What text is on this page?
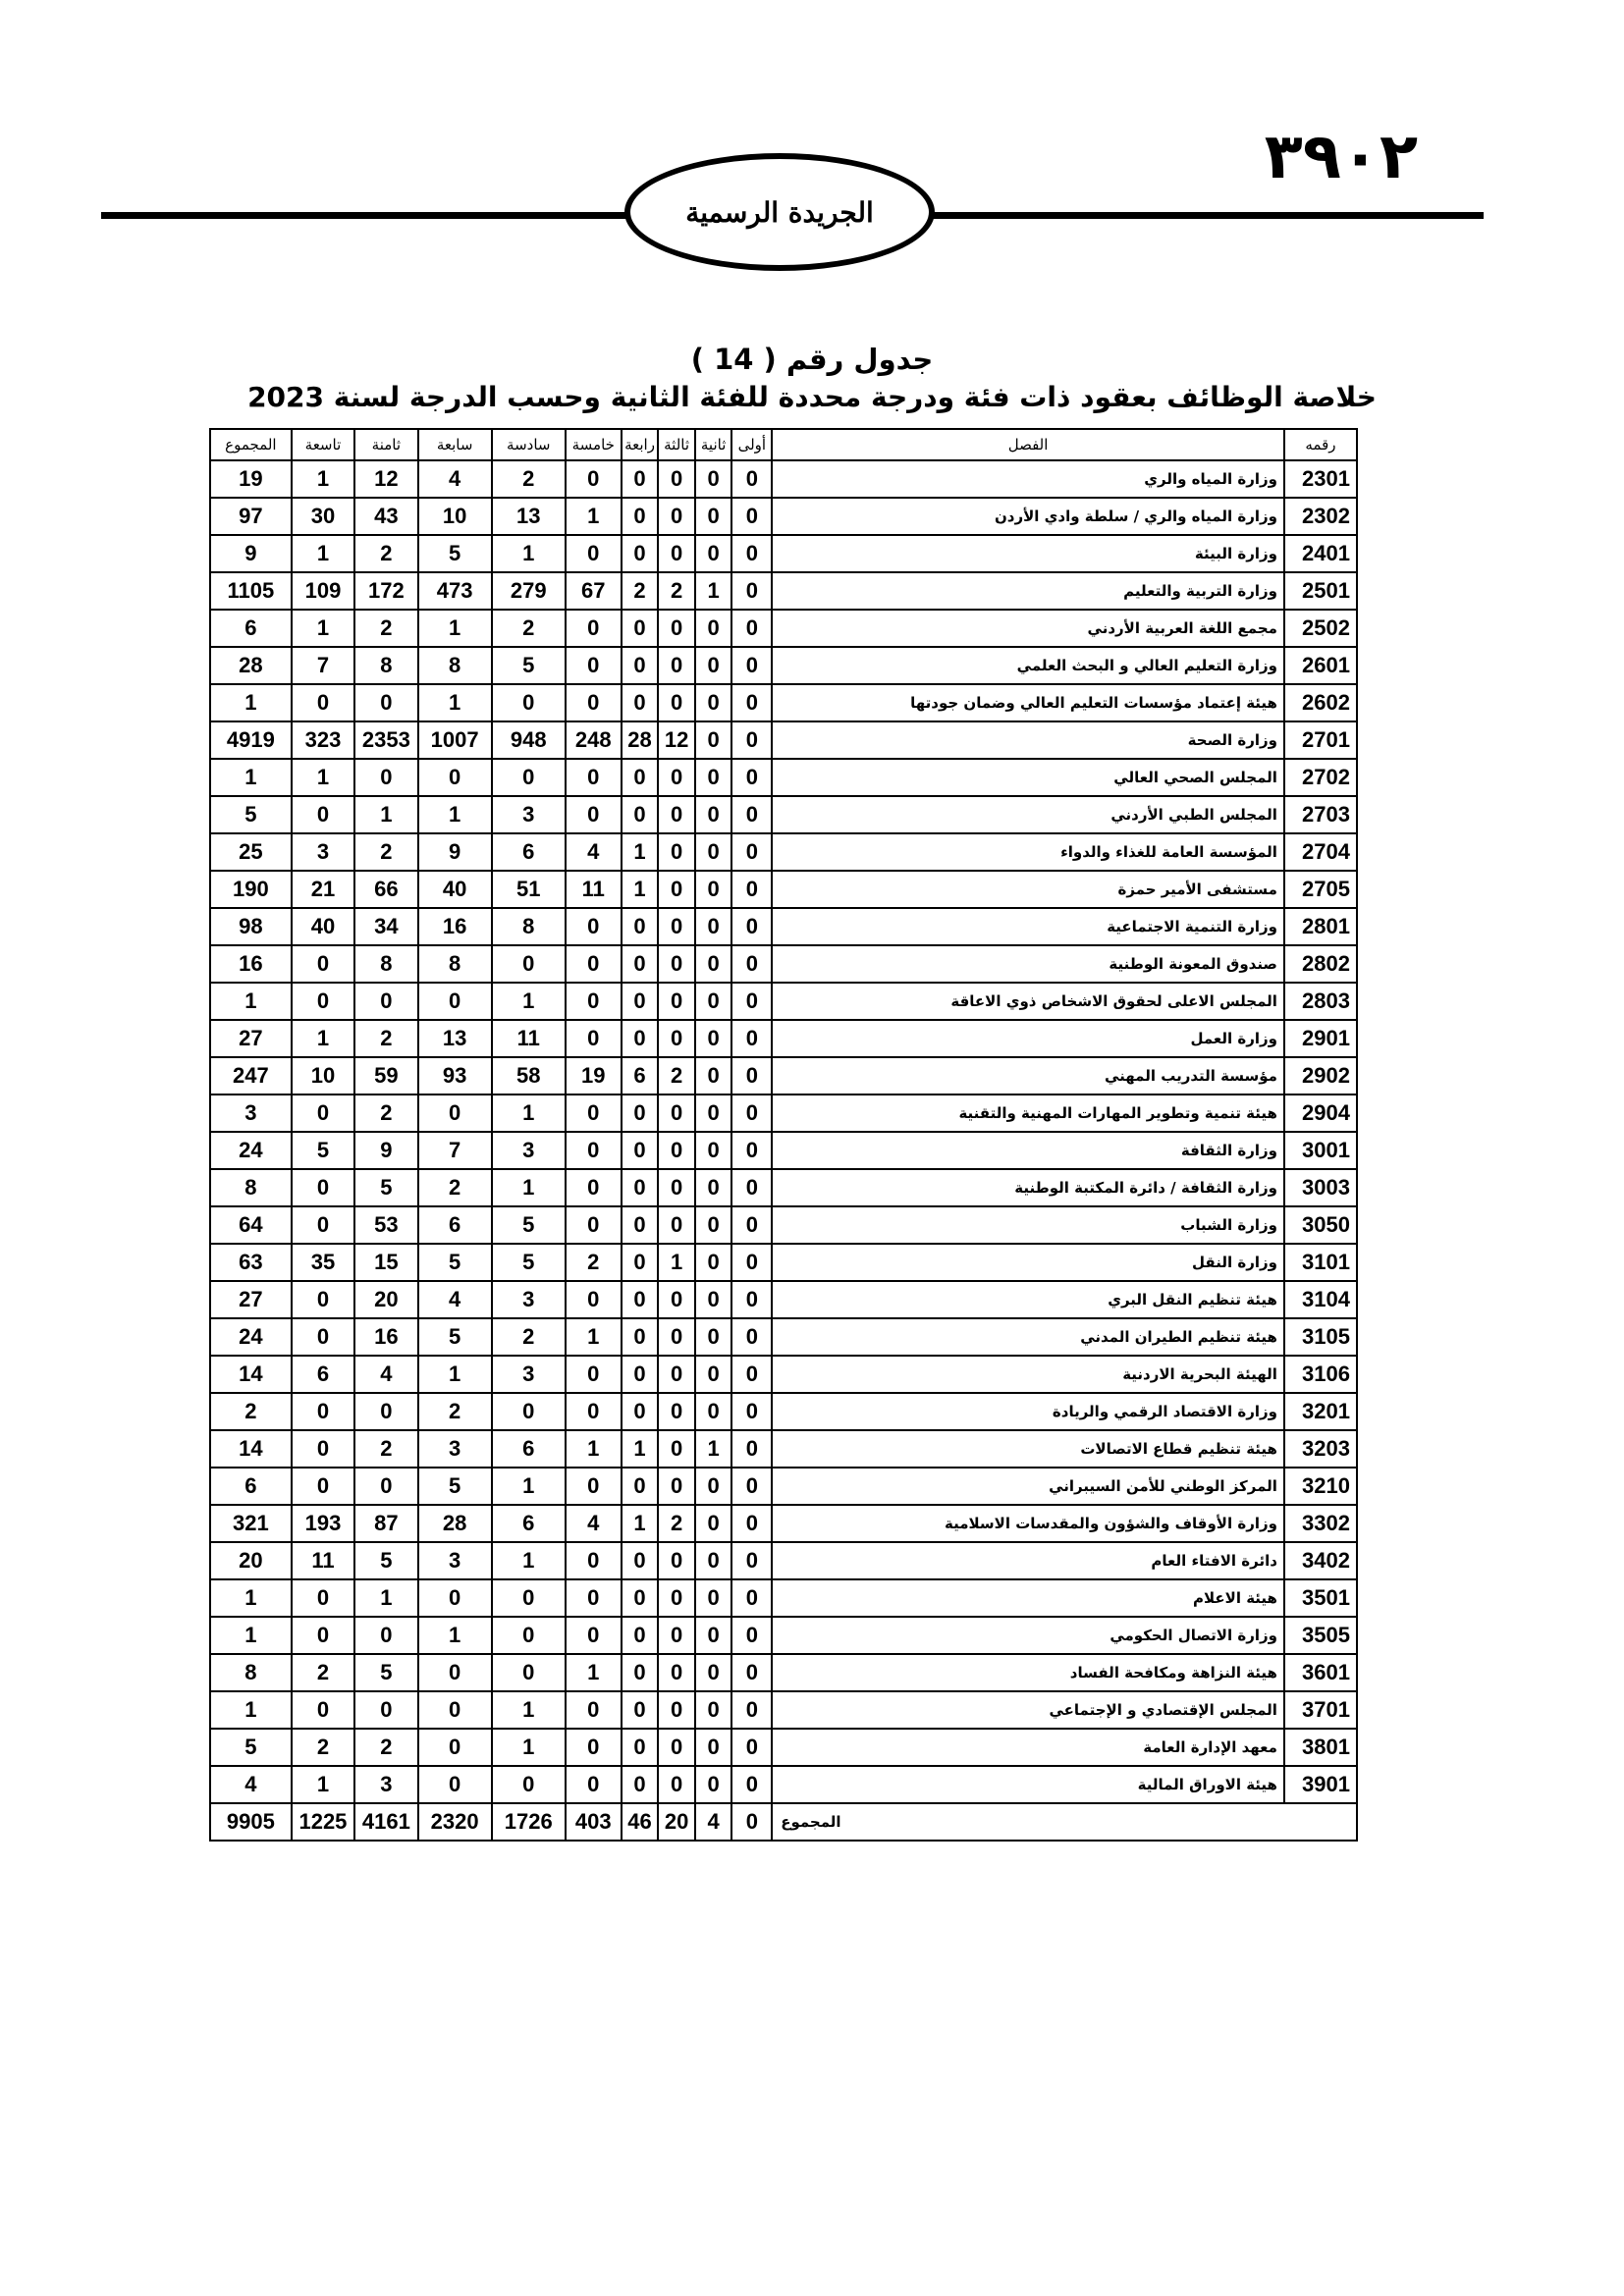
٣٩٠٢
الجريدة الرسمية
جدول رقم ( 14 )
خلاصة الوظائف بعقود ذات فئة ودرجة محددة للفئة الثانية وحسب الدرجة لسنة 2023
رقمه	الفصل	أولى	ثانية	ثالثة	رابعة	خامسة	سادسة	سابعة	ثامنة	تاسعة	المجموع
2301	وزارة المياه والري	0	0	0	0	0	2	4	12	1	19
2302	وزارة المياه والري / سلطة وادي الأردن	0	0	0	0	1	13	10	43	30	97
2401	وزارة البيئة	0	0	0	0	0	1	5	2	1	9
2501	وزارة التربية والتعليم	0	1	2	2	67	279	473	172	109	1105
2502	مجمع اللغة العربية الأردني	0	0	0	0	0	2	1	2	1	6
2601	وزارة التعليم العالي و البحث العلمي	0	0	0	0	0	5	8	8	7	28
2602	هيئة إعتماد مؤسسات التعليم العالي وضمان جودتها	0	0	0	0	0	0	1	0	0	1
2701	وزارة الصحة	0	0	12	28	248	948	1007	2353	323	4919
2702	المجلس الصحي العالي	0	0	0	0	0	0	0	0	1	1
2703	المجلس الطبي الأردني	0	0	0	0	0	3	1	1	0	5
2704	المؤسسة العامة للغذاء والدواء	0	0	0	1	4	6	9	2	3	25
2705	مستشفى الأمير حمزة	0	0	0	1	11	51	40	66	21	190
2801	وزارة التنمية الاجتماعية	0	0	0	0	0	8	16	34	40	98
2802	صندوق المعونة الوطنية	0	0	0	0	0	0	8	8	0	16
2803	المجلس الاعلى لحقوق الاشخاص ذوي الاعاقة	0	0	0	0	0	1	0	0	0	1
2901	وزارة العمل	0	0	0	0	0	11	13	2	1	27
2902	مؤسسة التدريب المهني	0	0	2	6	19	58	93	59	10	247
2904	هيئة تنمية وتطوير المهارات المهنية والتقنية	0	0	0	0	0	1	0	2	0	3
3001	وزارة الثقافة	0	0	0	0	0	3	7	9	5	24
3003	وزارة الثقافة / دائرة المكتبة الوطنية	0	0	0	0	0	1	2	5	0	8
3050	وزارة الشباب	0	0	0	0	0	5	6	53	0	64
3101	وزارة النقل	0	0	1	0	2	5	5	15	35	63
3104	هيئة تنظيم النقل البري	0	0	0	0	0	3	4	20	0	27
3105	هيئة تنظيم الطيران المدني	0	0	0	0	1	2	5	16	0	24
3106	الهيئة البحرية الاردنية	0	0	0	0	0	3	1	4	6	14
3201	وزارة الاقتصاد الرقمي والريادة	0	0	0	0	0	0	2	0	0	2
3203	هيئة تنظيم قطاع الاتصالات	0	1	0	1	1	6	3	2	0	14
3210	المركز الوطني للأمن السيبراني	0	0	0	0	0	1	5	0	0	6
3302	وزارة الأوقاف والشؤون والمقدسات الاسلامية	0	0	2	1	4	6	28	87	193	321
3402	دائرة الافتاء العام	0	0	0	0	0	1	3	5	11	20
3501	هيئة الاعلام	0	0	0	0	0	0	0	1	0	1
3505	وزارة الاتصال الحكومي	0	0	0	0	0	0	1	0	0	1
3601	هيئة النزاهة ومكافحة الفساد	0	0	0	0	1	0	0	5	2	8
3701	المجلس الإقتصادي و الإجتماعي	0	0	0	0	0	1	0	0	0	1
3801	معهد الإدارة العامة	0	0	0	0	0	1	0	2	2	5
3901	هيئة الاوراق المالية	0	0	0	0	0	0	0	3	1	4
	المجموع	0	4	20	46	403	1726	2320	4161	1225	9905
